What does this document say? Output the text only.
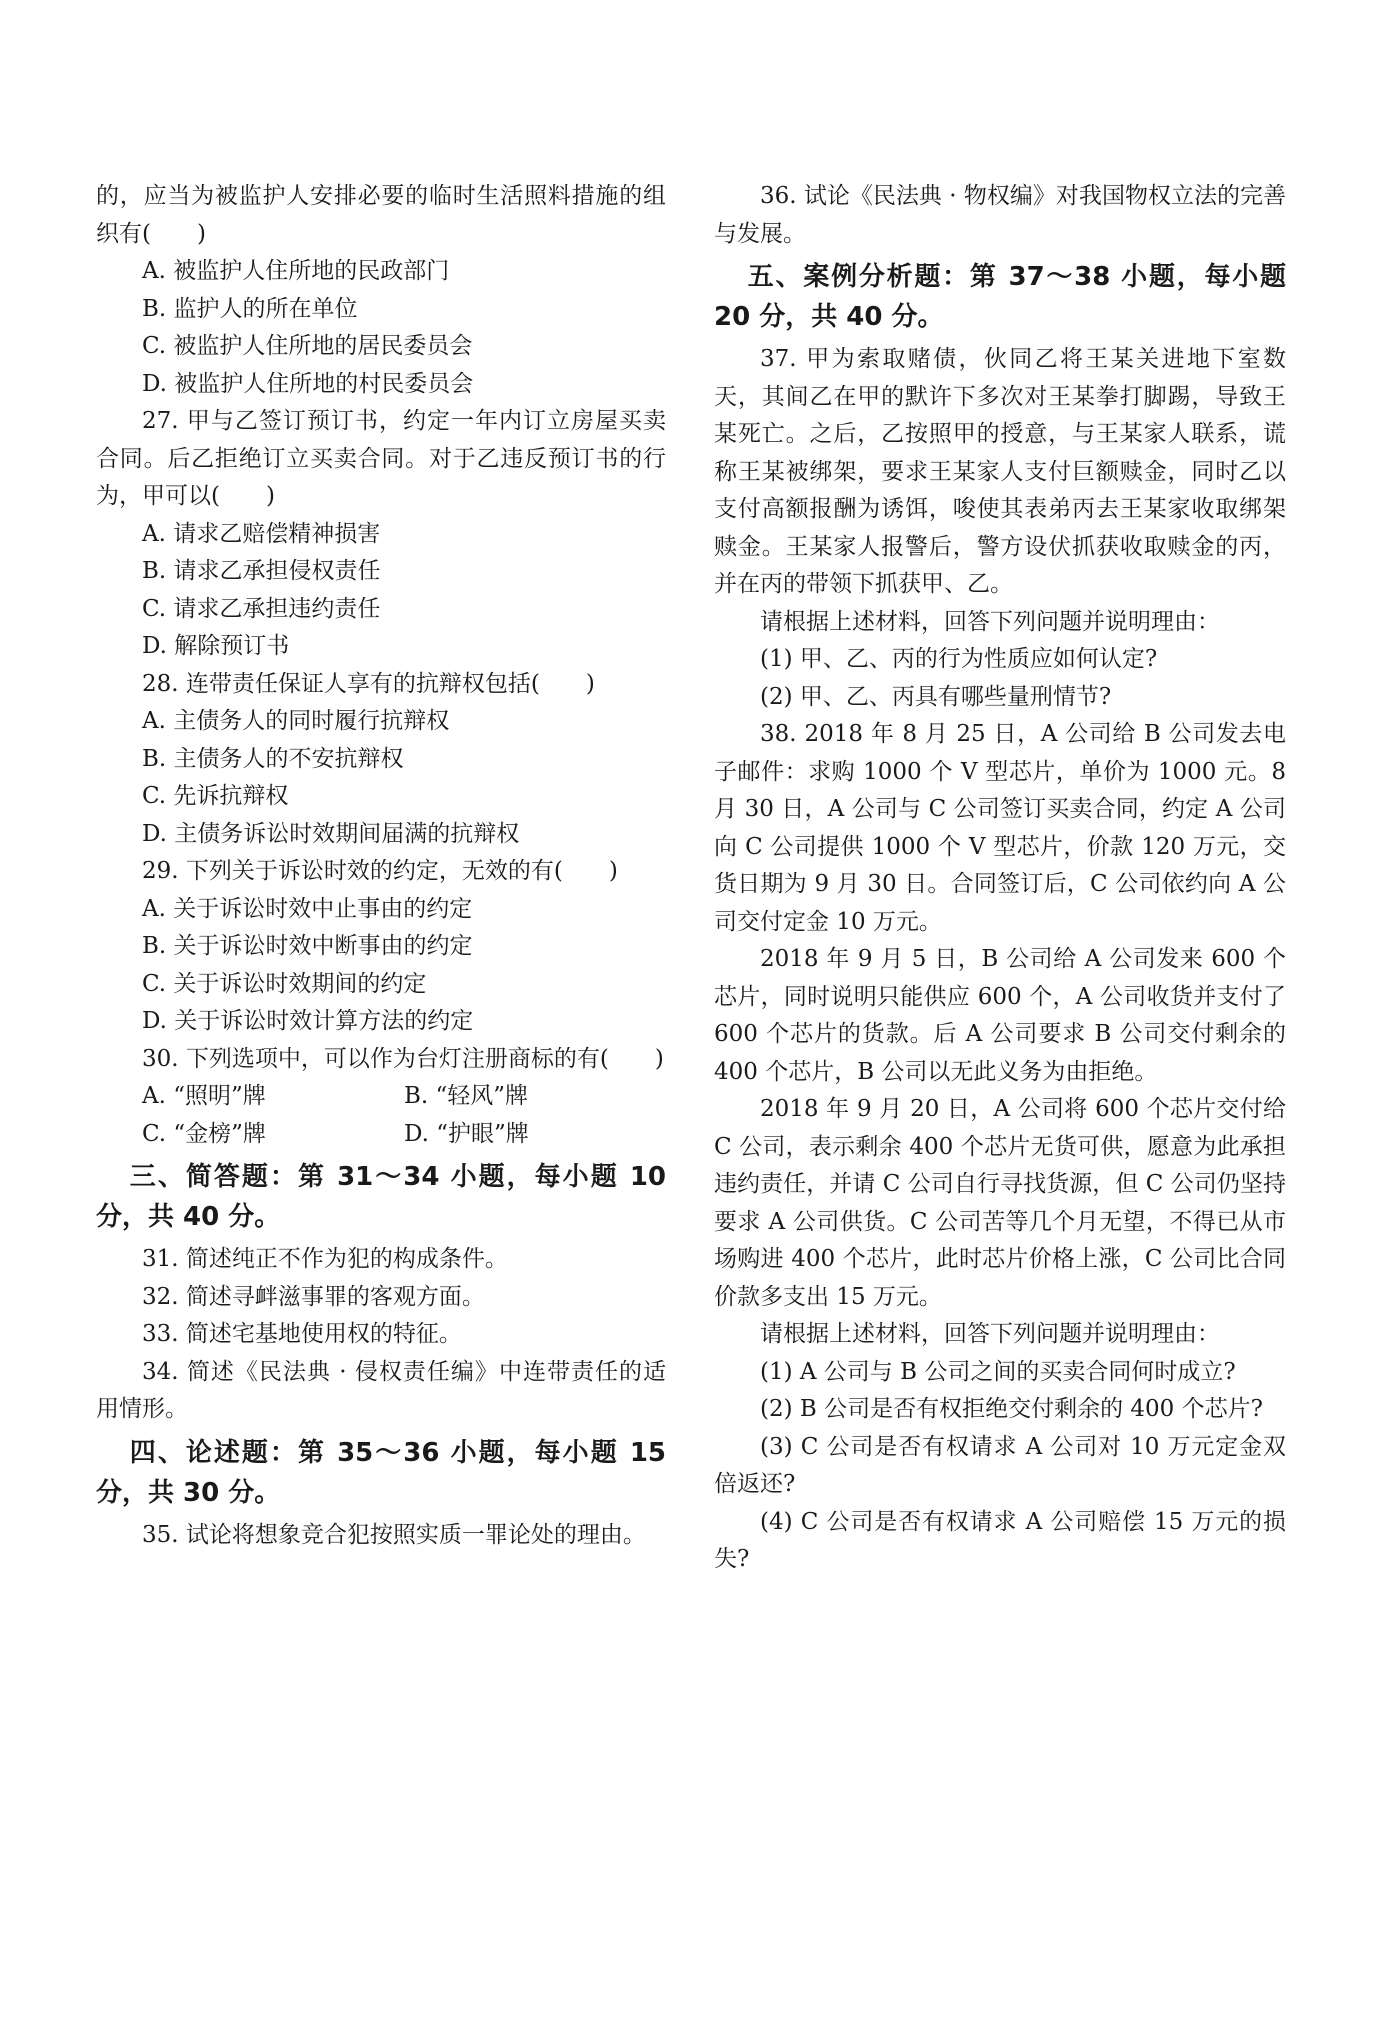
的，应当为被监护人安排必要的临时生活照料措施的组织有(　　)

A. 被监护人住所地的民政部门

B. 监护人的所在单位

C. 被监护人住所地的居民委员会

D. 被监护人住所地的村民委员会

27. 甲与乙签订预订书，约定一年内订立房屋买卖合同。后乙拒绝订立买卖合同。对于乙违反预订书的行为，甲可以(　　)

A. 请求乙赔偿精神损害

B. 请求乙承担侵权责任

C. 请求乙承担违约责任

D. 解除预订书

28. 连带责任保证人享有的抗辩权包括(　　)

A. 主债务人的同时履行抗辩权

B. 主债务人的不安抗辩权

C. 先诉抗辩权

D. 主债务诉讼时效期间届满的抗辩权

29. 下列关于诉讼时效的约定，无效的有(　　)

A. 关于诉讼时效中止事由的约定

B. 关于诉讼时效中断事由的约定

C. 关于诉讼时效期间的约定

D. 关于诉讼时效计算方法的约定

30. 下列选项中，可以作为台灯注册商标的有(　　)

A. “照明”牌	B. “轻风”牌
C. “金榜”牌	D. “护眼”牌

三、简答题：第 31～34 小题，每小题 10 分，共 40 分。

31. 简述纯正不作为犯的构成条件。

32. 简述寻衅滋事罪的客观方面。

33. 简述宅基地使用权的特征。

34. 简述《民法典 · 侵权责任编》中连带责任的适用情形。

四、论述题：第 35～36 小题，每小题 15 分，共 30 分。

35. 试论将想象竞合犯按照实质一罪论处的理由。

36. 试论《民法典 · 物权编》对我国物权立法的完善与发展。

五、案例分析题：第 37～38 小题，每小题 20 分，共 40 分。

37. 甲为索取赌债，伙同乙将王某关进地下室数天，其间乙在甲的默许下多次对王某拳打脚踢，导致王某死亡。之后，乙按照甲的授意，与王某家人联系，谎称王某被绑架，要求王某家人支付巨额赎金，同时乙以支付高额报酬为诱饵，唆使其表弟丙去王某家收取绑架赎金。王某家人报警后，警方设伏抓获收取赎金的丙，并在丙的带领下抓获甲、乙。

请根据上述材料，回答下列问题并说明理由：

(1) 甲、乙、丙的行为性质应如何认定?

(2) 甲、乙、丙具有哪些量刑情节?

38. 2018 年 8 月 25 日，A 公司给 B 公司发去电子邮件：求购 1000 个 V 型芯片，单价为 1000 元。8 月 30 日，A 公司与 C 公司签订买卖合同，约定 A 公司向 C 公司提供 1000 个 V 型芯片，价款 120 万元，交货日期为 9 月 30 日。合同签订后，C 公司依约向 A 公司交付定金 10 万元。

2018 年 9 月 5 日，B 公司给 A 公司发来 600 个芯片，同时说明只能供应 600 个，A 公司收货并支付了 600 个芯片的货款。后 A 公司要求 B 公司交付剩余的 400 个芯片，B 公司以无此义务为由拒绝。

2018 年 9 月 20 日，A 公司将 600 个芯片交付给 C 公司，表示剩余 400 个芯片无货可供，愿意为此承担违约责任，并请 C 公司自行寻找货源，但 C 公司仍坚持要求 A 公司供货。C 公司苦等几个月无望，不得已从市场购进 400 个芯片，此时芯片价格上涨，C 公司比合同价款多支出 15 万元。

请根据上述材料，回答下列问题并说明理由：

(1) A 公司与 B 公司之间的买卖合同何时成立?

(2) B 公司是否有权拒绝交付剩余的 400 个芯片?

(3) C 公司是否有权请求 A 公司对 10 万元定金双倍返还?

(4) C 公司是否有权请求 A 公司赔偿 15 万元的损失?
